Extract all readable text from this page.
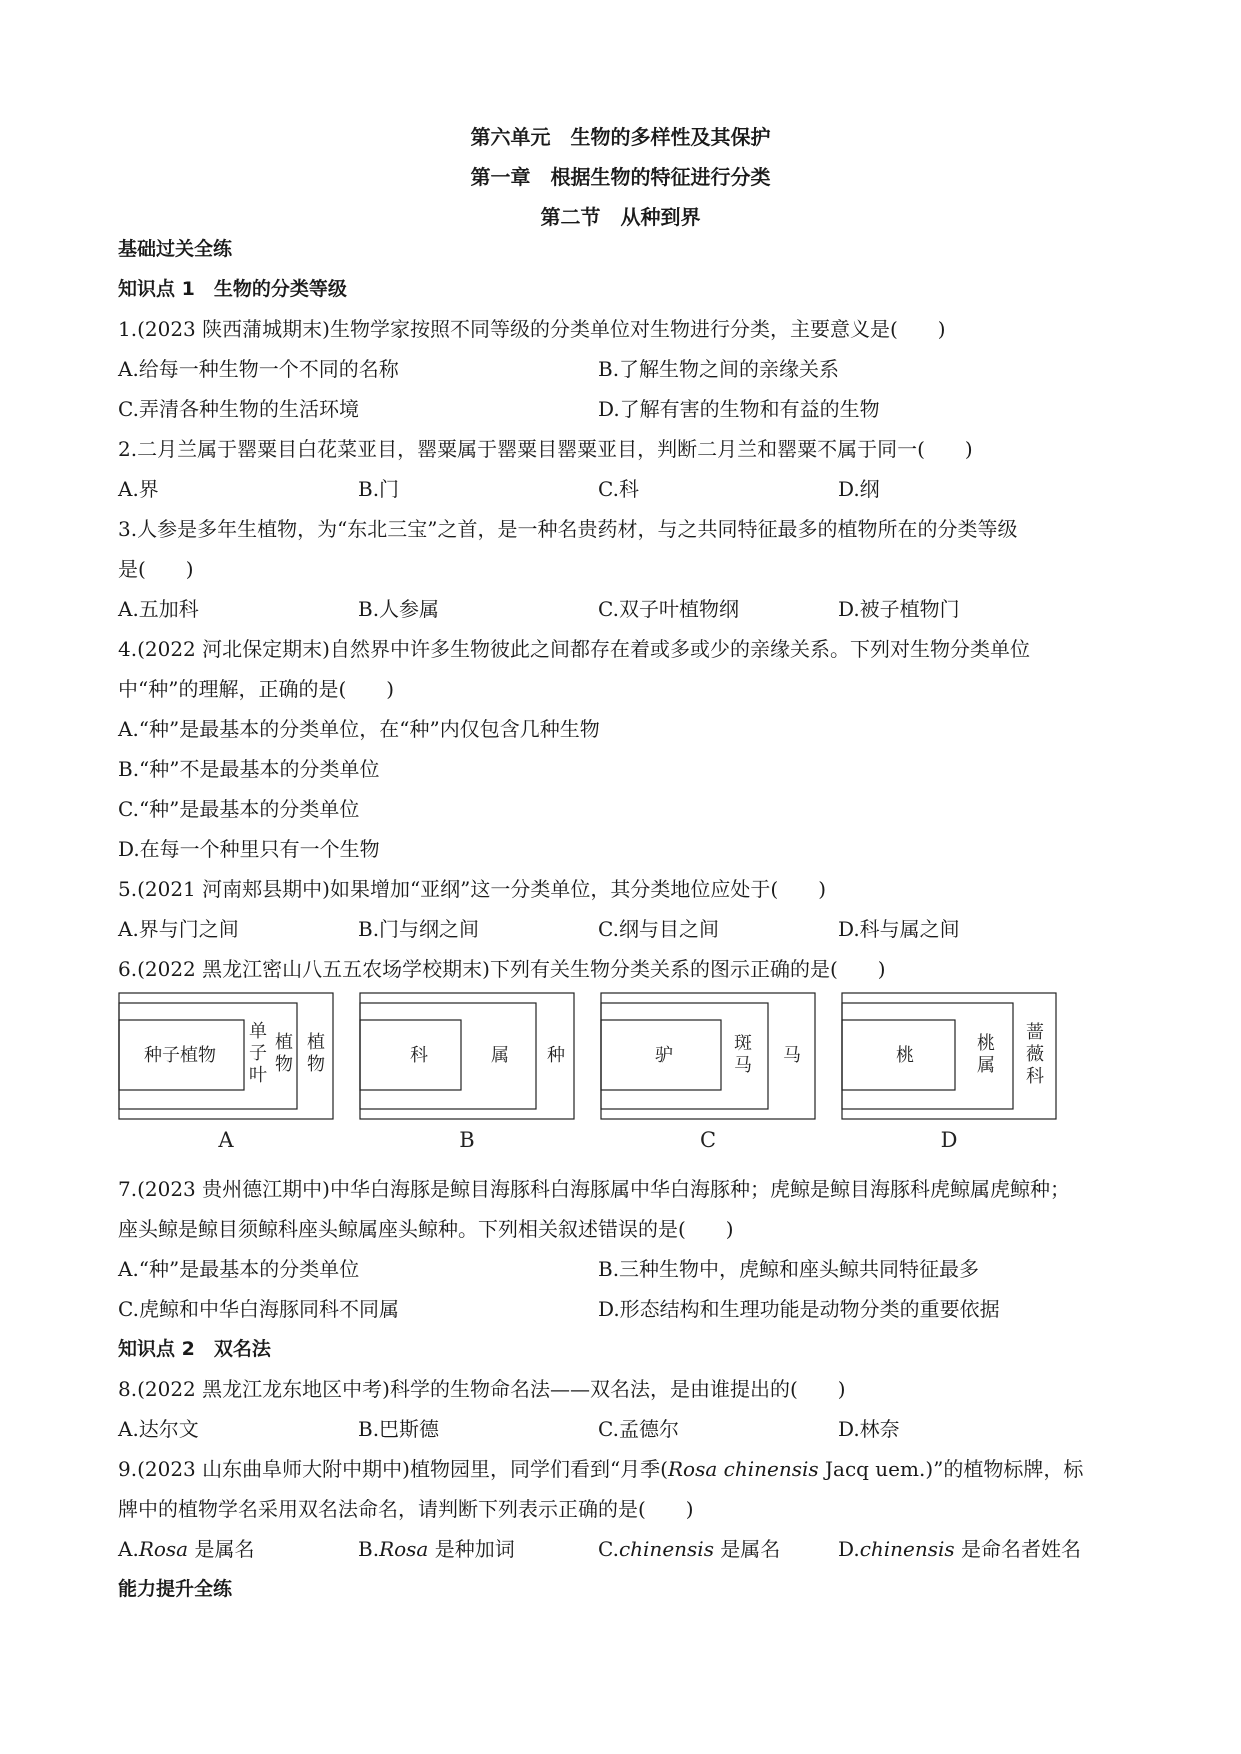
第六单元　生物的多样性及其保护
第一章　根据生物的特征进行分类
第二节　从种到界
基础过关全练
知识点 1　生物的分类等级
1.(2023 陕西蒲城期末)生物学家按照不同等级的分类单位对生物进行分类，主要意义是(　　)
A.给每一种生物一个不同的名称	B.了解生物之间的亲缘关系
C.弄清各种生物的生活环境	D.了解有害的生物和有益的生物
2.二月兰属于罂粟目白花菜亚目，罂粟属于罂粟目罂粟亚目，判断二月兰和罂粟不属于同一(　　)
A.界	B.门	C.科	D.纲
3.人参是多年生植物，为“东北三宝”之首，是一种名贵药材，与之共同特征最多的植物所在的分类等级
是(　　)
A.五加科	B.人参属	C.双子叶植物纲	D.被子植物门
4.(2022 河北保定期末)自然界中许多生物彼此之间都存在着或多或少的亲缘关系。下列对生物分类单位
中“种”的理解，正确的是(　　)
A.“种”是最基本的分类单位，在“种”内仅包含几种生物
B.“种”不是最基本的分类单位
C.“种”是最基本的分类单位
D.在每一个种里只有一个生物
5.(2021 河南郏县期中)如果增加“亚纲”这一分类单位，其分类地位应处于(　　)
A.界与门之间	B.门与纲之间	C.纲与目之间	D.科与属之间
6.(2022 黑龙江密山八五五农场学校期末)下列有关生物分类关系的图示正确的是(　　)
种子植物
单
子
叶
植
物
植
物
A
科	属 种
B
驴
斑
马 马
C
桃
桃
属
蔷
薇
科
D
7.(2023 贵州德江期中)中华白海豚是鲸目海豚科白海豚属中华白海豚种；虎鲸是鲸目海豚科虎鲸属虎鲸种；
座头鲸是鲸目须鲸科座头鲸属座头鲸种。下列相关叙述错误的是(　　)
A.“种”是最基本的分类单位	B.三种生物中，虎鲸和座头鲸共同特征最多
C.虎鲸和中华白海豚同科不同属	D.形态结构和生理功能是动物分类的重要依据
知识点 2　双名法
8.(2022 黑龙江龙东地区中考)科学的生物命名法——双名法，是由谁提出的(　　)
A.达尔文	B.巴斯德	C.孟德尔	D.林奈
9.(2023 山东曲阜师大附中期中)植物园里，同学们看到“月季(Rosa chinensis Jacq uem.)”的植物标牌，标
牌中的植物学名采用双名法命名，请判断下列表示正确的是(　　)
A.Rosa 是属名	B.Rosa 是种加词	C.chinensis 是属名	D.chinensis 是命名者姓名
能力提升全练
